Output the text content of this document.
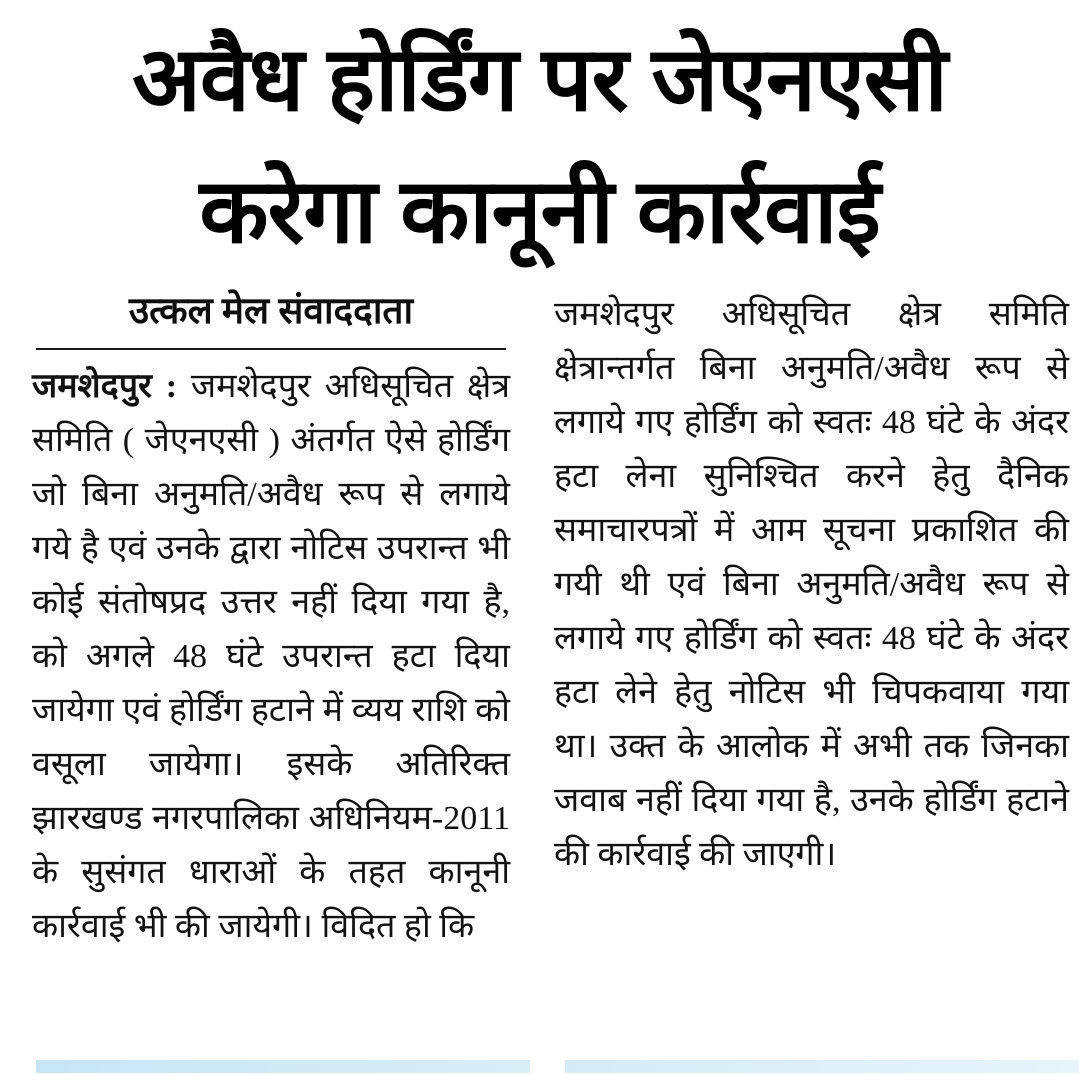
अवैध होर्डिंग पर जेएनएसी
करेगा कानूनी कार्रवाई
उत्कल मेल संवाददाता

जमशेदपुर : जमशेदपुर अधिसूचित क्षेत्र समिति ( जेएनएसी ) अंतर्गत ऐसे होर्डिंग जो बिना अनुमति/अवैध रूप से लगाये गये है एवं उनके द्वारा नोटिस उपरान्त भी कोई संतोषप्रद उत्तर नहीं दिया गया है, को अगले 48 घंटे उपरान्त हटा दिया जायेगा एवं होर्डिंग हटाने में व्यय राशि को वसूला जायेगा। इसके अतिरिक्त झारखण्ड नगरपालिका अधिनियम-2011 के सुसंगत धाराओं के तहत कानूनी कार्रवाई भी की जायेगी। विदित हो कि

जमशेदपुर अधिसूचित क्षेत्र समिति क्षेत्रान्तर्गत बिना अनुमति/अवैध रूप से लगाये गए होर्डिंग को स्वतः 48 घंटे के अंदर हटा लेना सुनिश्चित करने हेतु दैनिक समाचारपत्रों में आम सूचना प्रकाशित की गयी थी एवं बिना अनुमति/अवैध रूप से लगाये गए होर्डिंग को स्वतः 48 घंटे के अंदर हटा लेने हेतु नोटिस भी चिपकवाया गया था। उक्त के आलोक में अभी तक जिनका जवाब नहीं दिया गया है, उनके होर्डिंग हटाने की कार्रवाई की जाएगी।
